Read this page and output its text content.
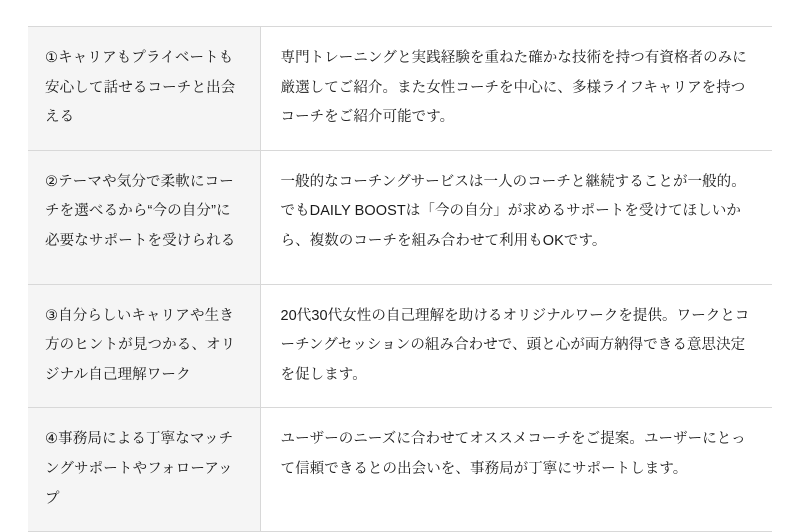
①キャリアもプライベートも安心して話せるコーチと出会える	専門トレーニングと実践経験を重ねた確かな技術を持つ有資格者のみに厳選してご紹介。また女性コーチを中心に、多様ライフキャリアを持つコーチをご紹介可能です。
②テーマや気分で柔軟にコーチを選べるから“今の自分”に必要なサポートを受けられる	一般的なコーチングサービスは一人のコーチと継続することが一般的。でもDAILY BOOSTは「今の自分」が求めるサポートを受けてほしいから、複数のコーチを組み合わせて利用もOKです。
③自分らしいキャリアや生き方のヒントが見つかる、オリジナル自己理解ワーク	20代30代女性の自己理解を助けるオリジナルワークを提供。ワークとコーチングセッションの組み合わせで、頭と心が両方納得できる意思決定を促します。
④事務局による丁寧なマッチングサポートやフォローアップ	ユーザーのニーズに合わせてオススメコーチをご提案。ユーザーにとって信頼できるとの出会いを、事務局が丁寧にサポートします。
